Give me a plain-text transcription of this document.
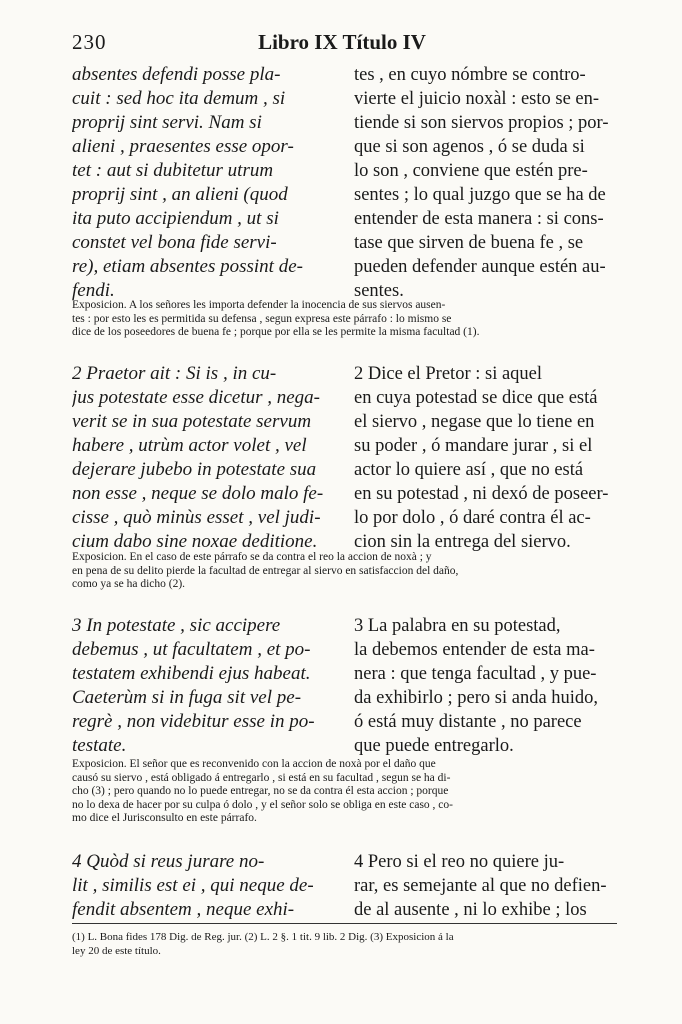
230	Libro IX Título IV
absentes defendi posse pla-
cuit : sed hoc ita demum , si
proprij sint servi. Nam si
alieni , praesentes esse opor-
tet : aut si dubitetur utrum
proprij sint , an alieni (quod
ita puto accipiendum , ut si
constet vel bona fide servi-
re), etiam absentes possint de-
fendi.
tes , en cuyo nómbre se contro-
vierte el juicio noxàl : esto se en-
tiende si son siervos propios ; por-
que si son agenos , ó se duda si
lo son , conviene que estén pre-
sentes ; lo qual juzgo que se ha de
entender de esta manera : si cons-
tase que sirven de buena fe , se
pueden defender aunque estén au-
sentes.
Exposicion. A los señores les importa defender la inocencia de sus siervos ausen-
tes : por esto les es permitida su defensa , segun expresa este párrafo : lo mismo se
dice de los poseedores de buena fe ; porque por ella se les permite la misma facultad (1).
2 Praetor ait : Si is , in cu-
jus potestate esse dicetur , nega-
verit se in sua potestate servum
habere , utrùm actor volet , vel
dejerare jubebo in potestate sua
non esse , neque se dolo malo fe-
cisse , quò minùs esset , vel judi-
cium dabo sine noxae deditione.
2 Dice el Pretor : si aquel
en cuya potestad se dice que está
el siervo , negase que lo tiene en
su poder , ó mandare jurar , si el
actor lo quiere así , que no está
en su potestad , ni dexó de poseer-
lo por dolo , ó daré contra él ac-
cion sin la entrega del siervo.
Exposicion. En el caso de este párrafo se da contra el reo la accion de noxà ; y
en pena de su delito pierde la facultad de entregar al siervo en satisfaccion del daño,
como ya se ha dicho (2).
3 In potestate , sic accipere
debemus , ut facultatem , et po-
testatem exhibendi ejus habeat.
Caeterùm si in fuga sit vel pe-
regrè , non videbitur esse in po-
testate.
3 La palabra en su potestad,
la debemos entender de esta ma-
nera : que tenga facultad , y pue-
da exhibirlo ; pero si anda huido,
ó está muy distante , no parece
que puede entregarlo.
Exposicion. El señor que es reconvenido con la accion de noxà por el daño que
causó su siervo , está obligado á entregarlo , si está en su facultad , segun se ha di-
cho (3) ; pero quando no lo puede entregar, no se da contra él esta accion ; porque
no lo dexa de hacer por su culpa ó dolo , y el señor solo se obliga en este caso , co-
mo dice el Jurisconsulto en este párrafo.
4 Quòd si reus jurare no-
lit , similis est ei , qui neque de-
fendit absentem , neque exhi-
4 Pero si el reo no quiere ju-
rar, es semejante al que no defien-
de al ausente , ni lo exhibe ; los
(1) L. Bona fides 178 Dig. de Reg. jur. (2) L. 2 §. 1 tit. 9 lib. 2 Dig. (3) Exposicion á la
ley 20 de este título.
